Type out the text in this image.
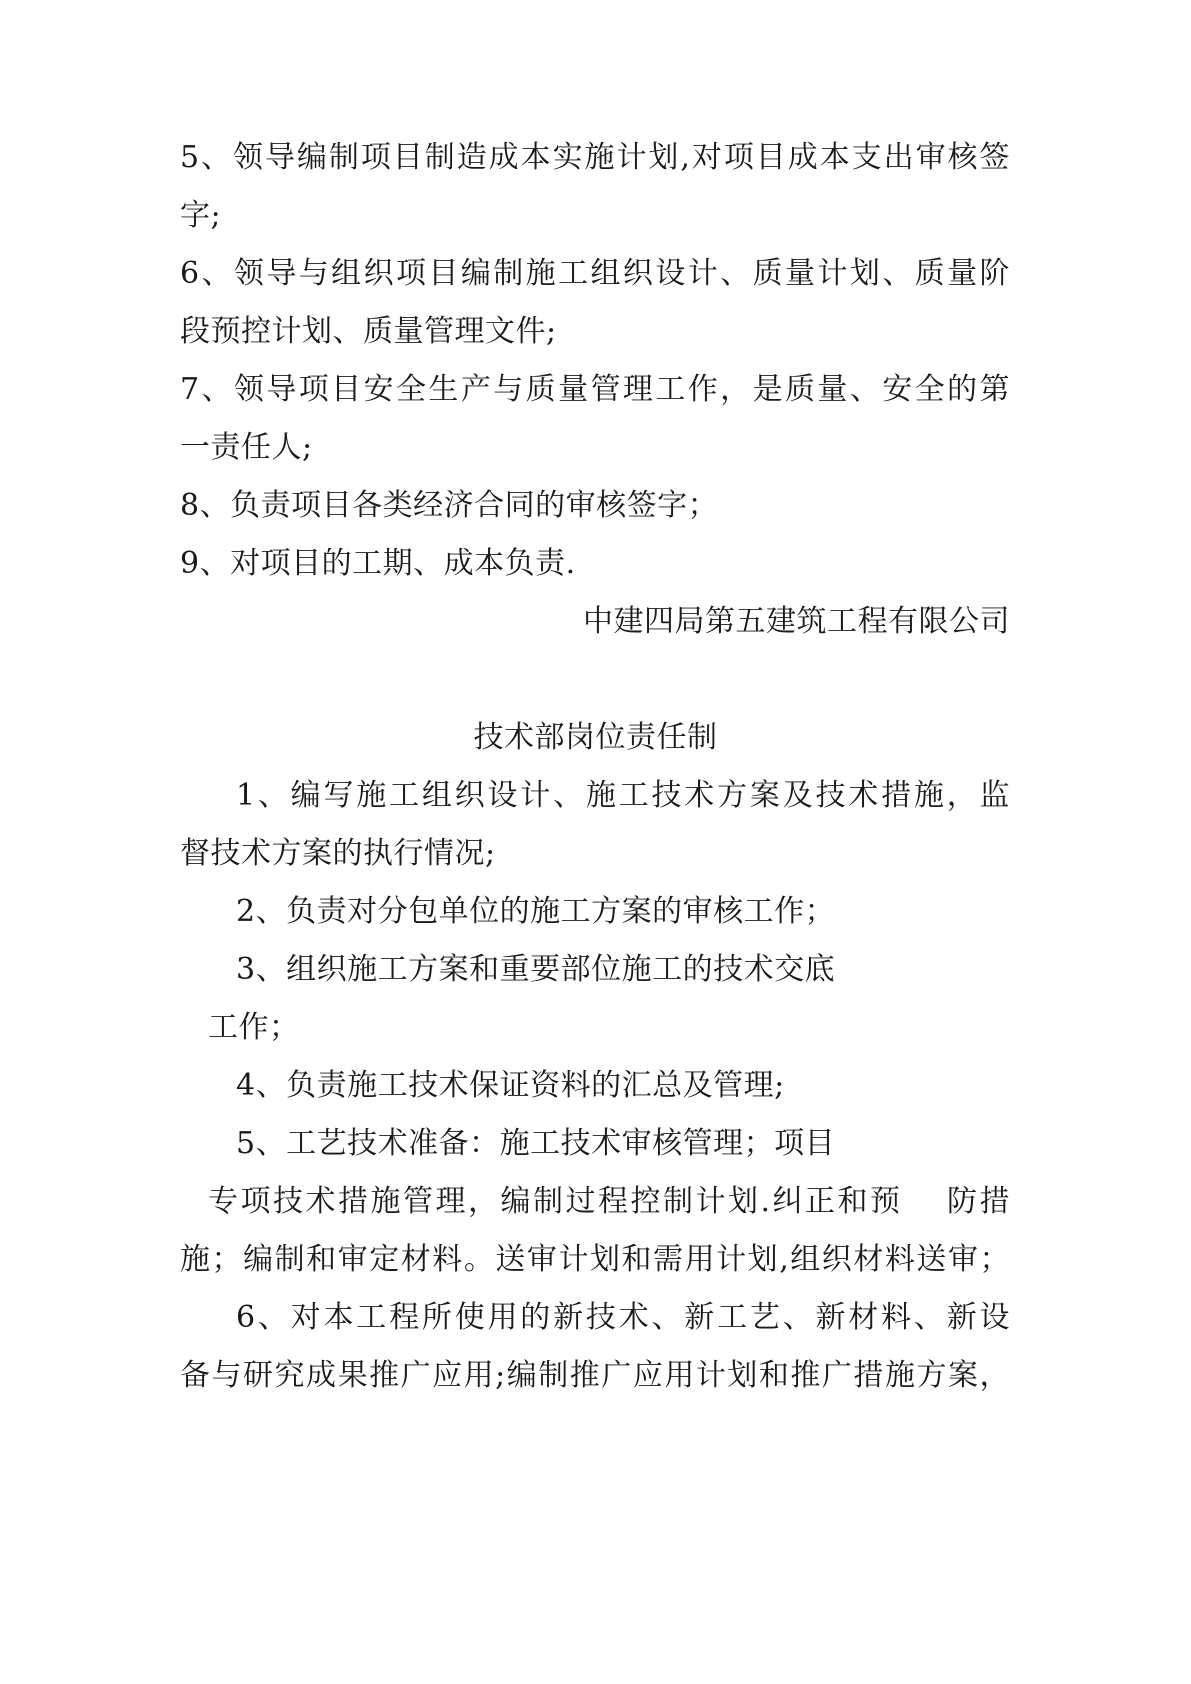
5、领导编制项目制造成本实施计划,对项目成本支出审核签
字;
6、领导与组织项目编制施工组织设计、质量计划、质量阶
段预控计划、质量管理文件;
7、领导项目安全生产与质量管理工作，是质量、安全的第
一责任人;
8、负责项目各类经济合同的审核签字；
9、对项目的工期、成本负责.
中建四局第五建筑工程有限公司
技术部岗位责任制
1、编写施工组织设计、施工技术方案及技术措施，监
督技术方案的执行情况;
2、负责对分包单位的施工方案的审核工作；
3、组织施工方案和重要部位施工的技术交底
工作；
4、负责施工技术保证资料的汇总及管理;
5、工艺技术准备：施工技术审核管理；项目
专项技术措施管理，编制过程控制计划.纠正和预　 防措
施；编制和审定材料。送审计划和需用计划,组织材料送审；
6、对本工程所使用的新技术、新工艺、新材料、新设
备与研究成果推广应用;编制推广应用计划和推广措施方案，
